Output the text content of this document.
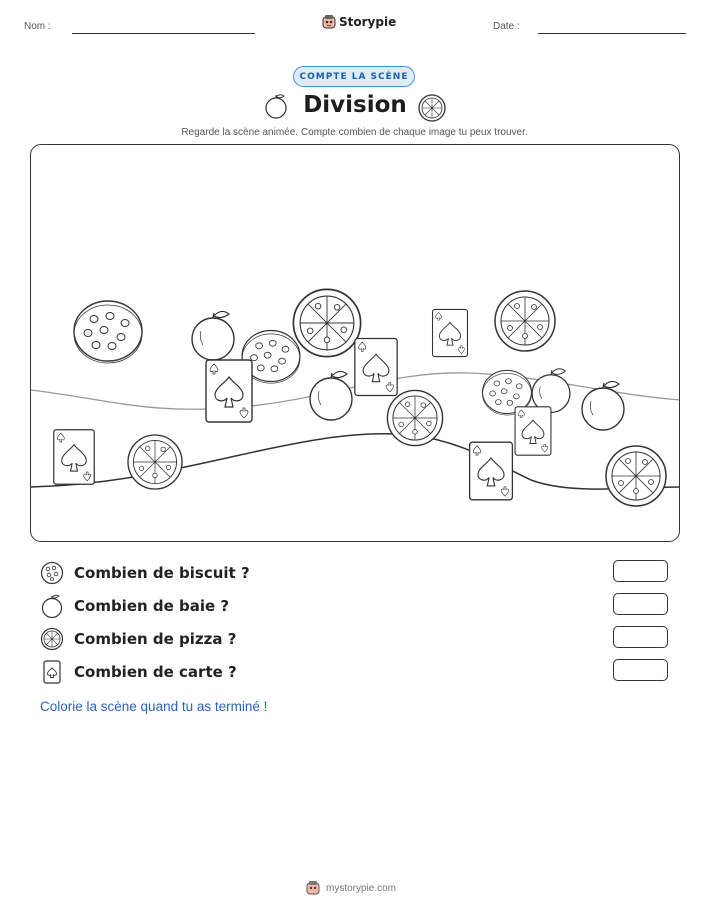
Nom :	Storypie	Date :
COMPTE LA SCÈNE
Division
Regarde la scène animée. Compte combien de chaque image tu peux trouver.
Combien de biscuit ?
Combien de baie ?
Combien de pizza ?
Combien de carte ?
Colorie la scène quand tu as terminé !
mystorypie.com
